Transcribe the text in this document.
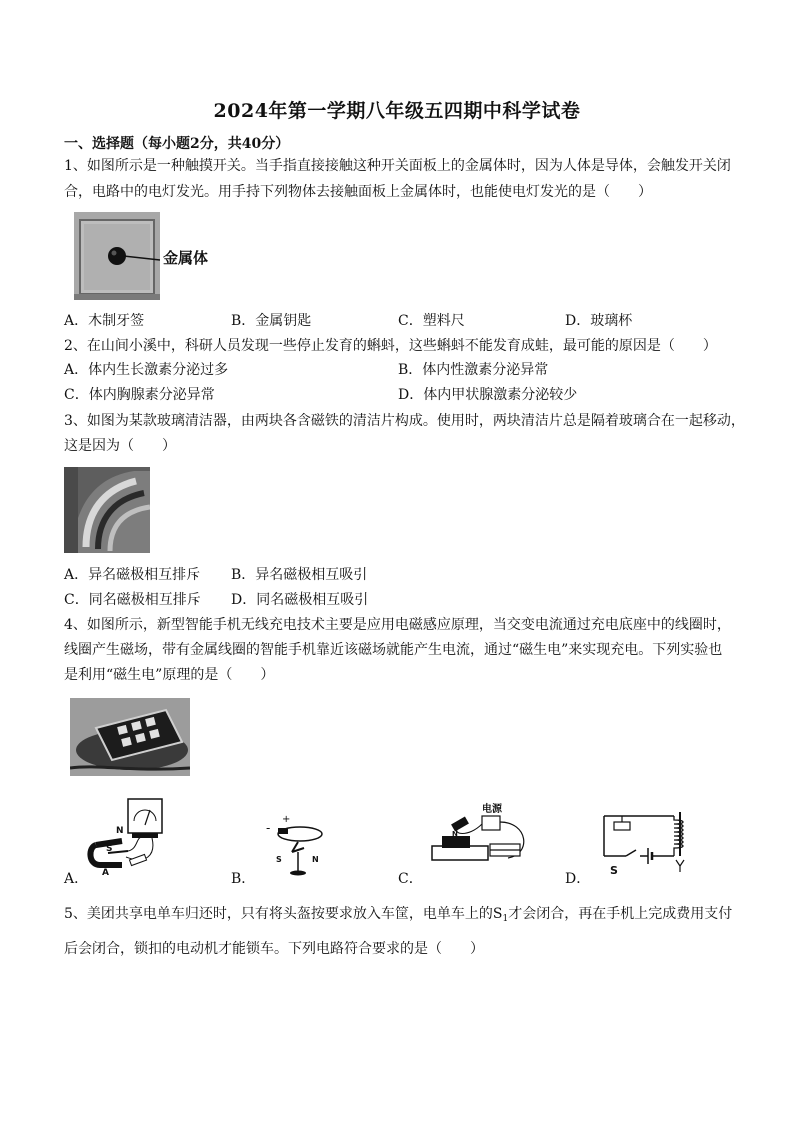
2024年第一学期八年级五四期中科学试卷
一、选择题（每小题2分，共40分）
1、如图所示是一种触摸开关。当手指直接接触这种开关面板上的金属体时，因为人体是导体，会触发开关闭
合，电路中的电灯发光。用手持下列物体去接触面板上金属体时，也能使电灯发光的是（　　）
金属体
A．木制牙签	B．金属钥匙	C．塑料尺	D．玻璃杯
2、在山间小溪中，科研人员发现一些停止发育的蝌蚪，这些蝌蚪不能发育成蛙，最可能的原因是（　　）
A．体内生长激素分泌过多	B．体内性激素分泌异常
C．体内胸腺素分泌异常	D．体内甲状腺激素分泌较少
3、如图为某款玻璃清洁器，由两块各含磁铁的清洁片构成。使用时，两块清洁片总是隔着玻璃合在一起移动，
这是因为（　　）
A．异名磁极相互排斥 B．异名磁极相互吸引
C．同名磁极相互排斥 D．同名磁极相互吸引
4、如图所示，新型智能手机无线充电技术主要是应用电磁感应原理，当交变电流通过充电底座中的线圈时，
线圈产生磁场，带有金属线圈的智能手机靠近该磁场就能产生电流，通过“磁生电”来实现充电。下列实验也
是利用“磁生电”原理的是（　　）
A．	B．	C．	D．
N
S
A
+
-
S	N
电源
N
S
5、美团共享电单车归还时，只有将头盔按要求放入车筐，电单车上的$S_1$才会闭合，再在手机上完成费用支付
后会闭合，锁扣的电动机才能锁车。下列电路符合要求的是（　　）
